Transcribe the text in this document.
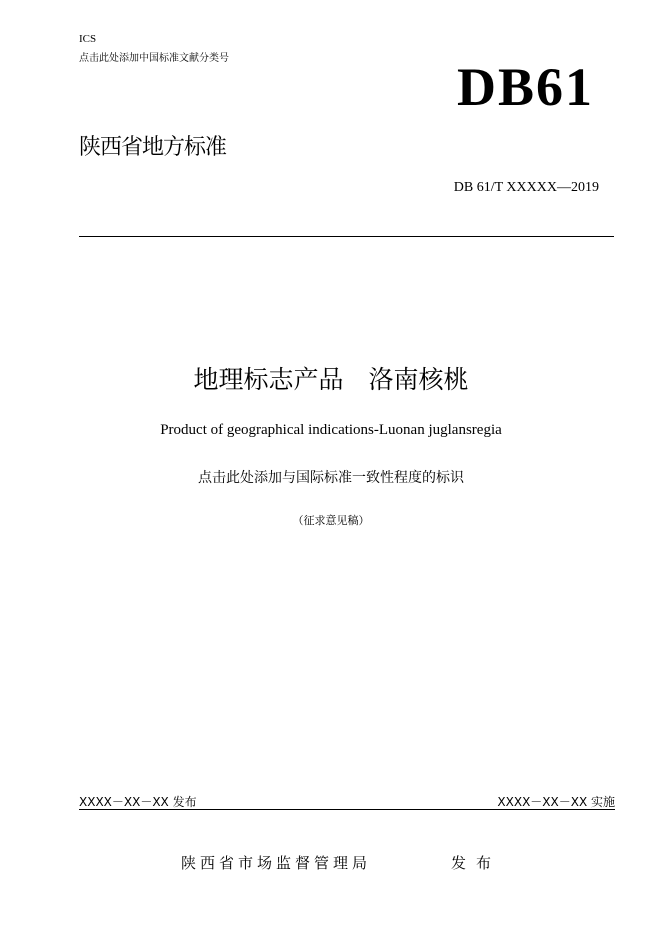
ICS
点击此处添加中国标准文献分类号	DB61
陕西省地方标准
DB 61/T XXXXX—2019
地理标志产品　洛南核桃
Product of geographical indications-Luonan juglansregia
点击此处添加与国际标准一致性程度的标识
（征求意见稿）
XXXX－XX－XX 发布	XXXX－XX－XX 实施
陕西省市场监督管理局	发布
